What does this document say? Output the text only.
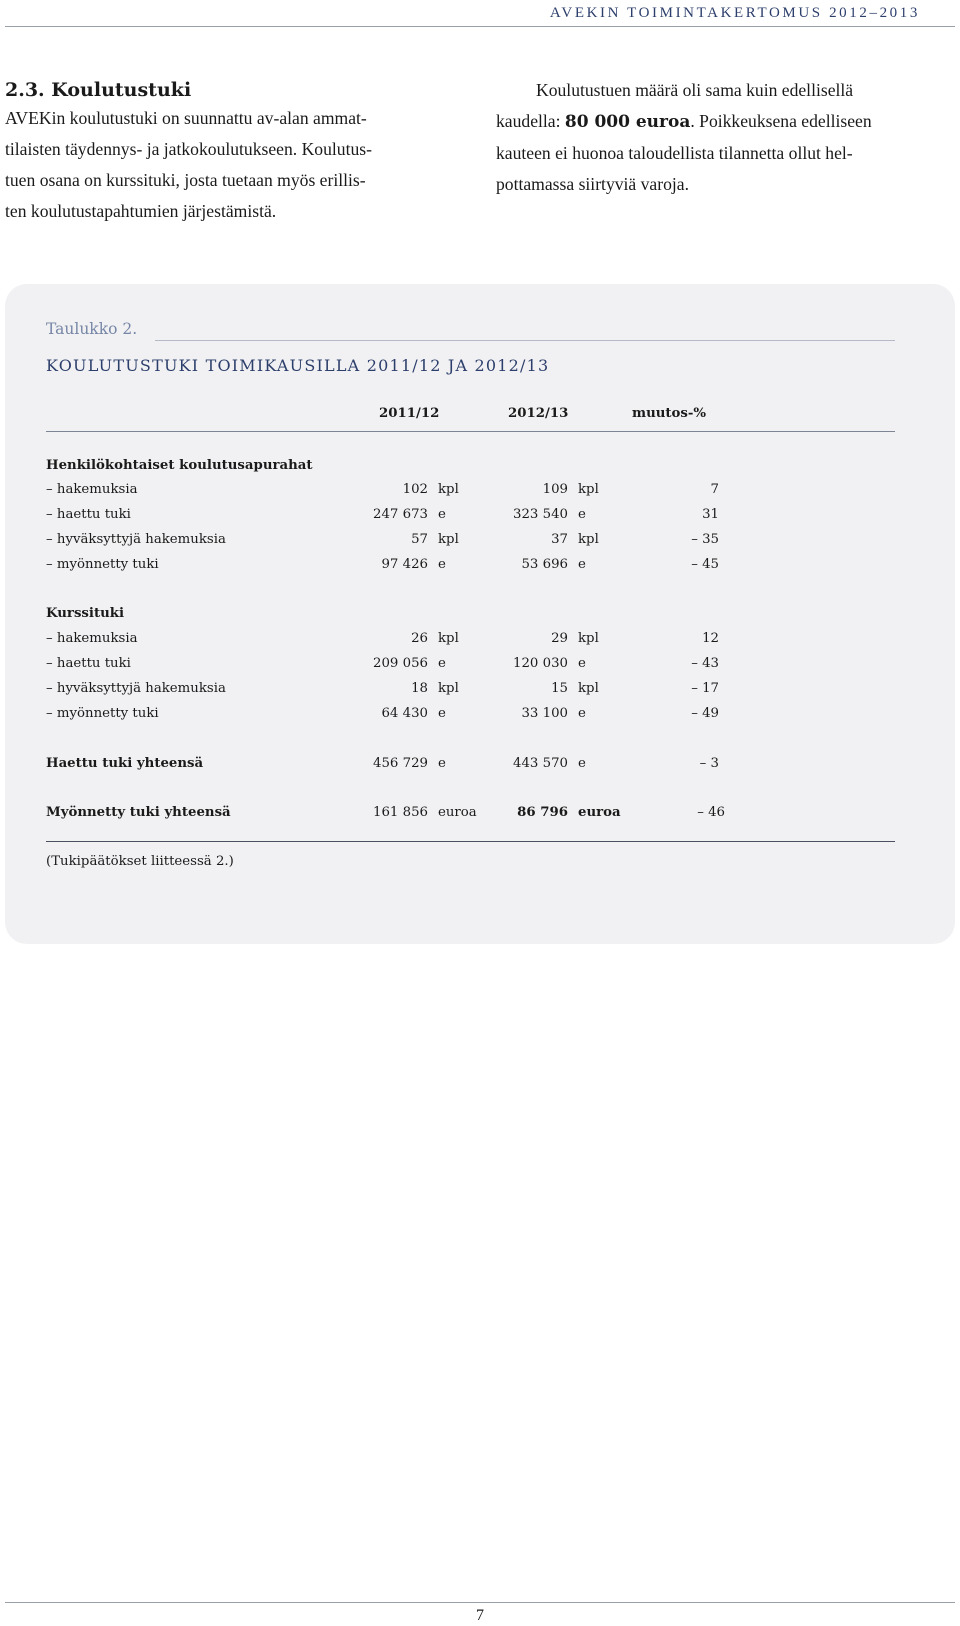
AVEKIN TOIMINTAKERTOMUS 2012–2013
2.3. Koulutustuki
AVEKin koulutustuki on suunnattu av-alan ammat-
tilaisten täydennys- ja jatkokoulutukseen. Koulutus-
tuen osana on kurssituki, josta tuetaan myös erillis-
ten koulutustapahtumien järjestämistä.
Koulutustuen määrä oli sama kuin edellisellä
kaudella: 80 000 euroa. Poikkeuksena edelliseen
kauteen ei huonoa taloudellista tilannetta ollut hel-
pottamassa siirtyviä varoja.
Taulukko 2.
KOULUTUSTUKI TOIMIKAUSILLA 2011/12 JA 2012/13
2011/12	2012/13	muutos-%
Henkilökohtaiset koulutusapurahat
– hakemuksia	102 kpl	109 kpl	7
– haettu tuki	247 673 e	323 540 e	31
– hyväksyttyjä hakemuksia	57 kpl	37 kpl	– 35
– myönnetty tuki	97 426 e	53 696 e	– 45
Kurssituki
– hakemuksia	26 kpl	29 kpl	12
– haettu tuki	209 056 e	120 030 e	– 43
– hyväksyttyjä hakemuksia	18 kpl	15 kpl	– 17
– myönnetty tuki	64 430 e	33 100 e	– 49
Haettu tuki yhteensä	456 729 e	443 570 e	– 3
Myönnetty tuki yhteensä	161 856 euroa	86 796 euroa	– 46
(Tukipäätökset liitteessä 2.)
7
